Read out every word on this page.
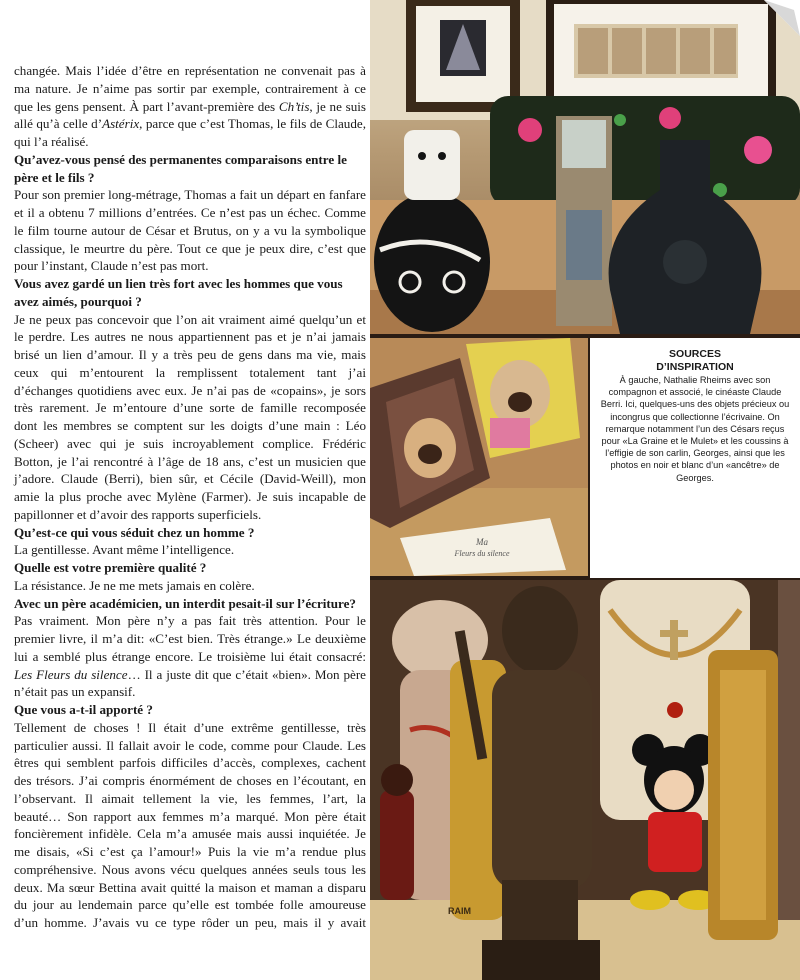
changée. Mais l’idée d’être en représentation ne convenait pas à ma nature. Je n’aime pas sortir par exemple, contrairement à ce que les gens pensent. À part l’avant-première des Ch’tis, je ne suis allé qu’à celle d’Astérix, parce que c’est Thomas, le fils de Claude, qui l’a réalisé.

Qu’avez-vous pensé des permanentes comparaisons entre le père et le fils ?

Pour son premier long-métrage, Thomas a fait un départ en fanfare et il a obtenu 7 millions d’entrées. Ce n’est pas un échec. Comme le film tourne autour de César et Brutus, on y a vu la symbolique classique, le meurtre du père. Tout ce que je peux dire, c’est que pour l’instant, Claude n’est pas mort.

Vous avez gardé un lien très fort avec les hommes que vous avez aimés, pourquoi ?

Je ne peux pas concevoir que l’on ait vraiment aimé quelqu’un et le perdre. Les autres ne nous appartiennent pas et je n’ai jamais brisé un lien d’amour. Il y a très peu de gens dans ma vie, mais ceux qui m’entourent la remplissent totalement tant j’ai d’échanges quotidiens avec eux. Je n’ai pas de «copains», je sors très rarement. Je m’entoure d’une sorte de famille recomposée dont les membres se comptent sur les doigts d’une main : Léo (Scheer) avec qui je suis incroyablement complice. Frédéric Botton, je l’ai rencontré à l’âge de 18 ans, c’est un musicien que j’adore. Claude (Berri), bien sûr, et Cécile (David-Weill), mon amie la plus proche avec Mylène (Farmer). Je suis incapable de papillonner et d’avoir des rapports superficiels.

Qu’est-ce qui vous séduit chez un homme ?

La gentillesse. Avant même l’intelligence.

Quelle est votre première qualité ?

La résistance. Je ne me mets jamais en colère.

Avec un père académicien, un interdit pesait-il sur l’écriture?

Pas vraiment. Mon père n’y a pas fait très attention. Pour le premier livre, il m’a dit: «C’est bien. Très étrange.» Le deuxième lui a semblé plus étrange encore. Le troisième lui était consacré: Les Fleurs du silence… Il a juste dit que c’était «bien». Mon père n’était pas un expansif.

Que vous a-t-il apporté ?

Tellement de choses ! Il était d’une extrême gentillesse, très particulier aussi. Il fallait avoir le code, comme pour Claude. Les êtres qui semblent parfois difficiles d’accès, complexes, cachent des trésors. J’ai compris énormément de choses en l’écoutant, en l’observant. Il aimait tellement la vie, les femmes, l’art, la beauté… Son rapport aux femmes m’a marqué. Mon père était foncièrement infidèle. Cela m’a amusée mais aussi inquiétée. Je me disais, «Si c’est ça l’amour!» Puis la vie m’a rendue plus compréhensive. Nous avons vécu quelques années seuls tous les deux. Ma sœur Bettina avait quitté la maison et maman a disparu du jour au lendemain parce qu’elle est tombée folle amoureuse d’un homme. J’avais vu ce type rôder un peu, mais il y avait

Ma
Fleurs du silence
RAIM
SOURCES
D’INSPIRATION
À gauche, Nathalie Rheims avec son compagnon et associé, le cinéaste Claude Berri. Ici, quelques-uns des objets précieux ou incongrus que collectionne l’écrivaine. On remarque notamment l’un des Césars reçus pour «La Graine et le Mulet» et les coussins à l’effigie de son carlin, Georges, ainsi que les photos en noir et blanc d’un «ancêtre» de Georges.
